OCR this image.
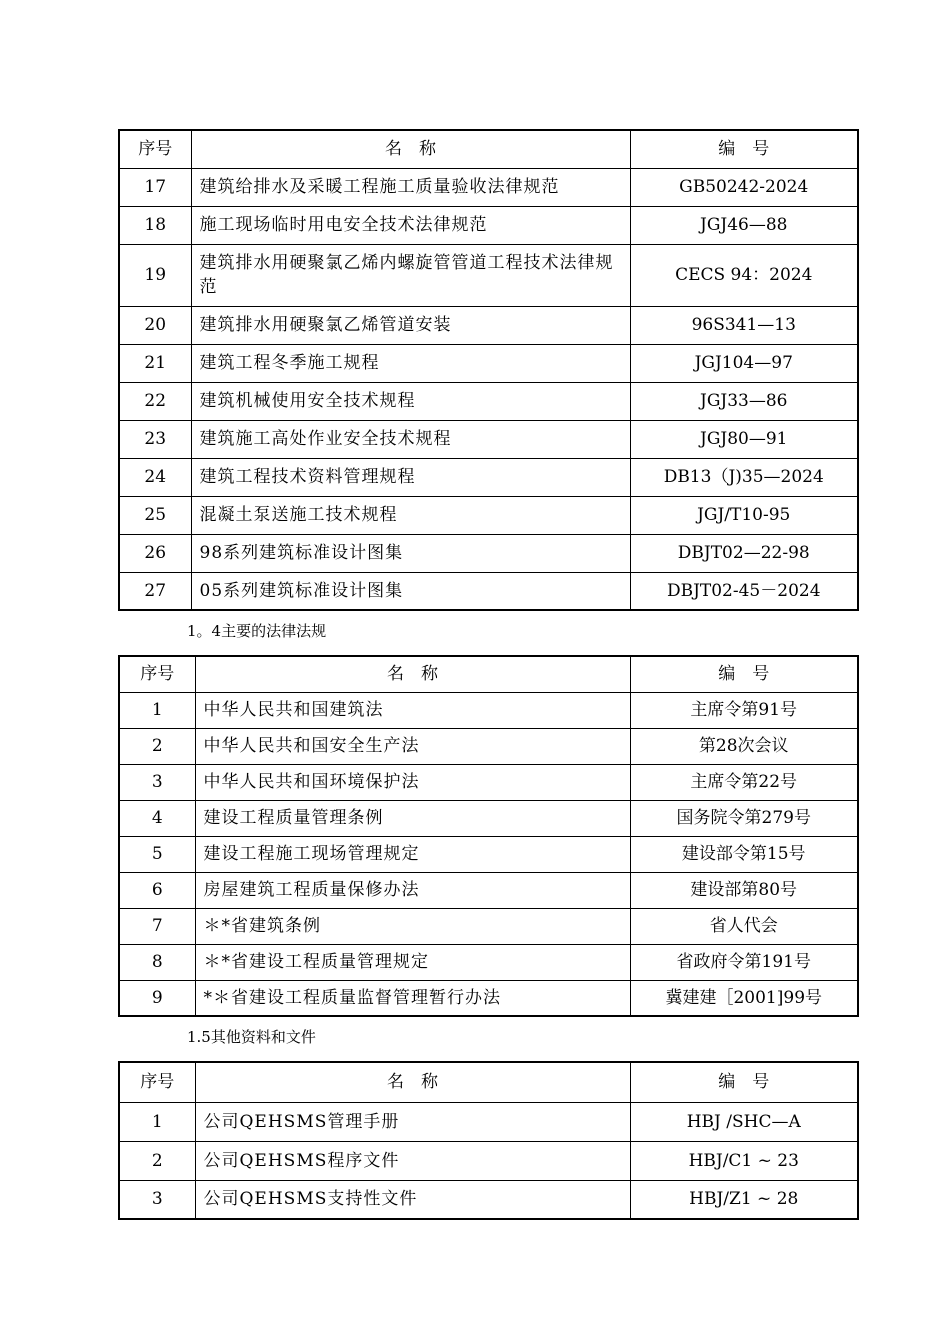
序号	名　称	编　号
17	建筑给排水及采暖工程施工质量验收法律规范	GB50242-2024
18	施工现场临时用电安全技术法律规范	JGJ46—88
19	建筑排水用硬聚氯乙烯内螺旋管管道工程技术法律规范	CECS 94：2024
20	建筑排水用硬聚氯乙烯管道安装	96S341—13
21	建筑工程冬季施工规程	JGJ104—97
22	建筑机械使用安全技术规程	JGJ33—86
23	建筑施工高处作业安全技术规程	JGJ80—91
24	建筑工程技术资料管理规程	DB13（J)35—2024
25	混凝土泵送施工技术规程	JGJ/T10-95
26	98系列建筑标准设计图集	DBJT02—22-98
27	05系列建筑标准设计图集	DBJT02-45－2024
1。4主要的法律法规
序号	名　称	编　号
1	中华人民共和国建筑法	主席令第91号
2	中华人民共和国安全生产法	第28次会议
3	中华人民共和国环境保护法	主席令第22号
4	建设工程质量管理条例	国务院令第279号
5	建设工程施工现场管理规定	建设部令第15号
6	房屋建筑工程质量保修办法	建设部第80号
7	＊*省建筑条例	省人代会
8	＊*省建设工程质量管理规定	省政府令第191号
9	*＊省建设工程质量监督管理暂行办法	冀建建［2001]99号
1.5其他资料和文件
序号	名　称	编　号
1	公司QEHSMS管理手册	HBJ /SHC—A
2	公司QEHSMS程序文件	HBJ/C1 ~ 23
3	公司QEHSMS支持性文件	HBJ/Z1 ~ 28
